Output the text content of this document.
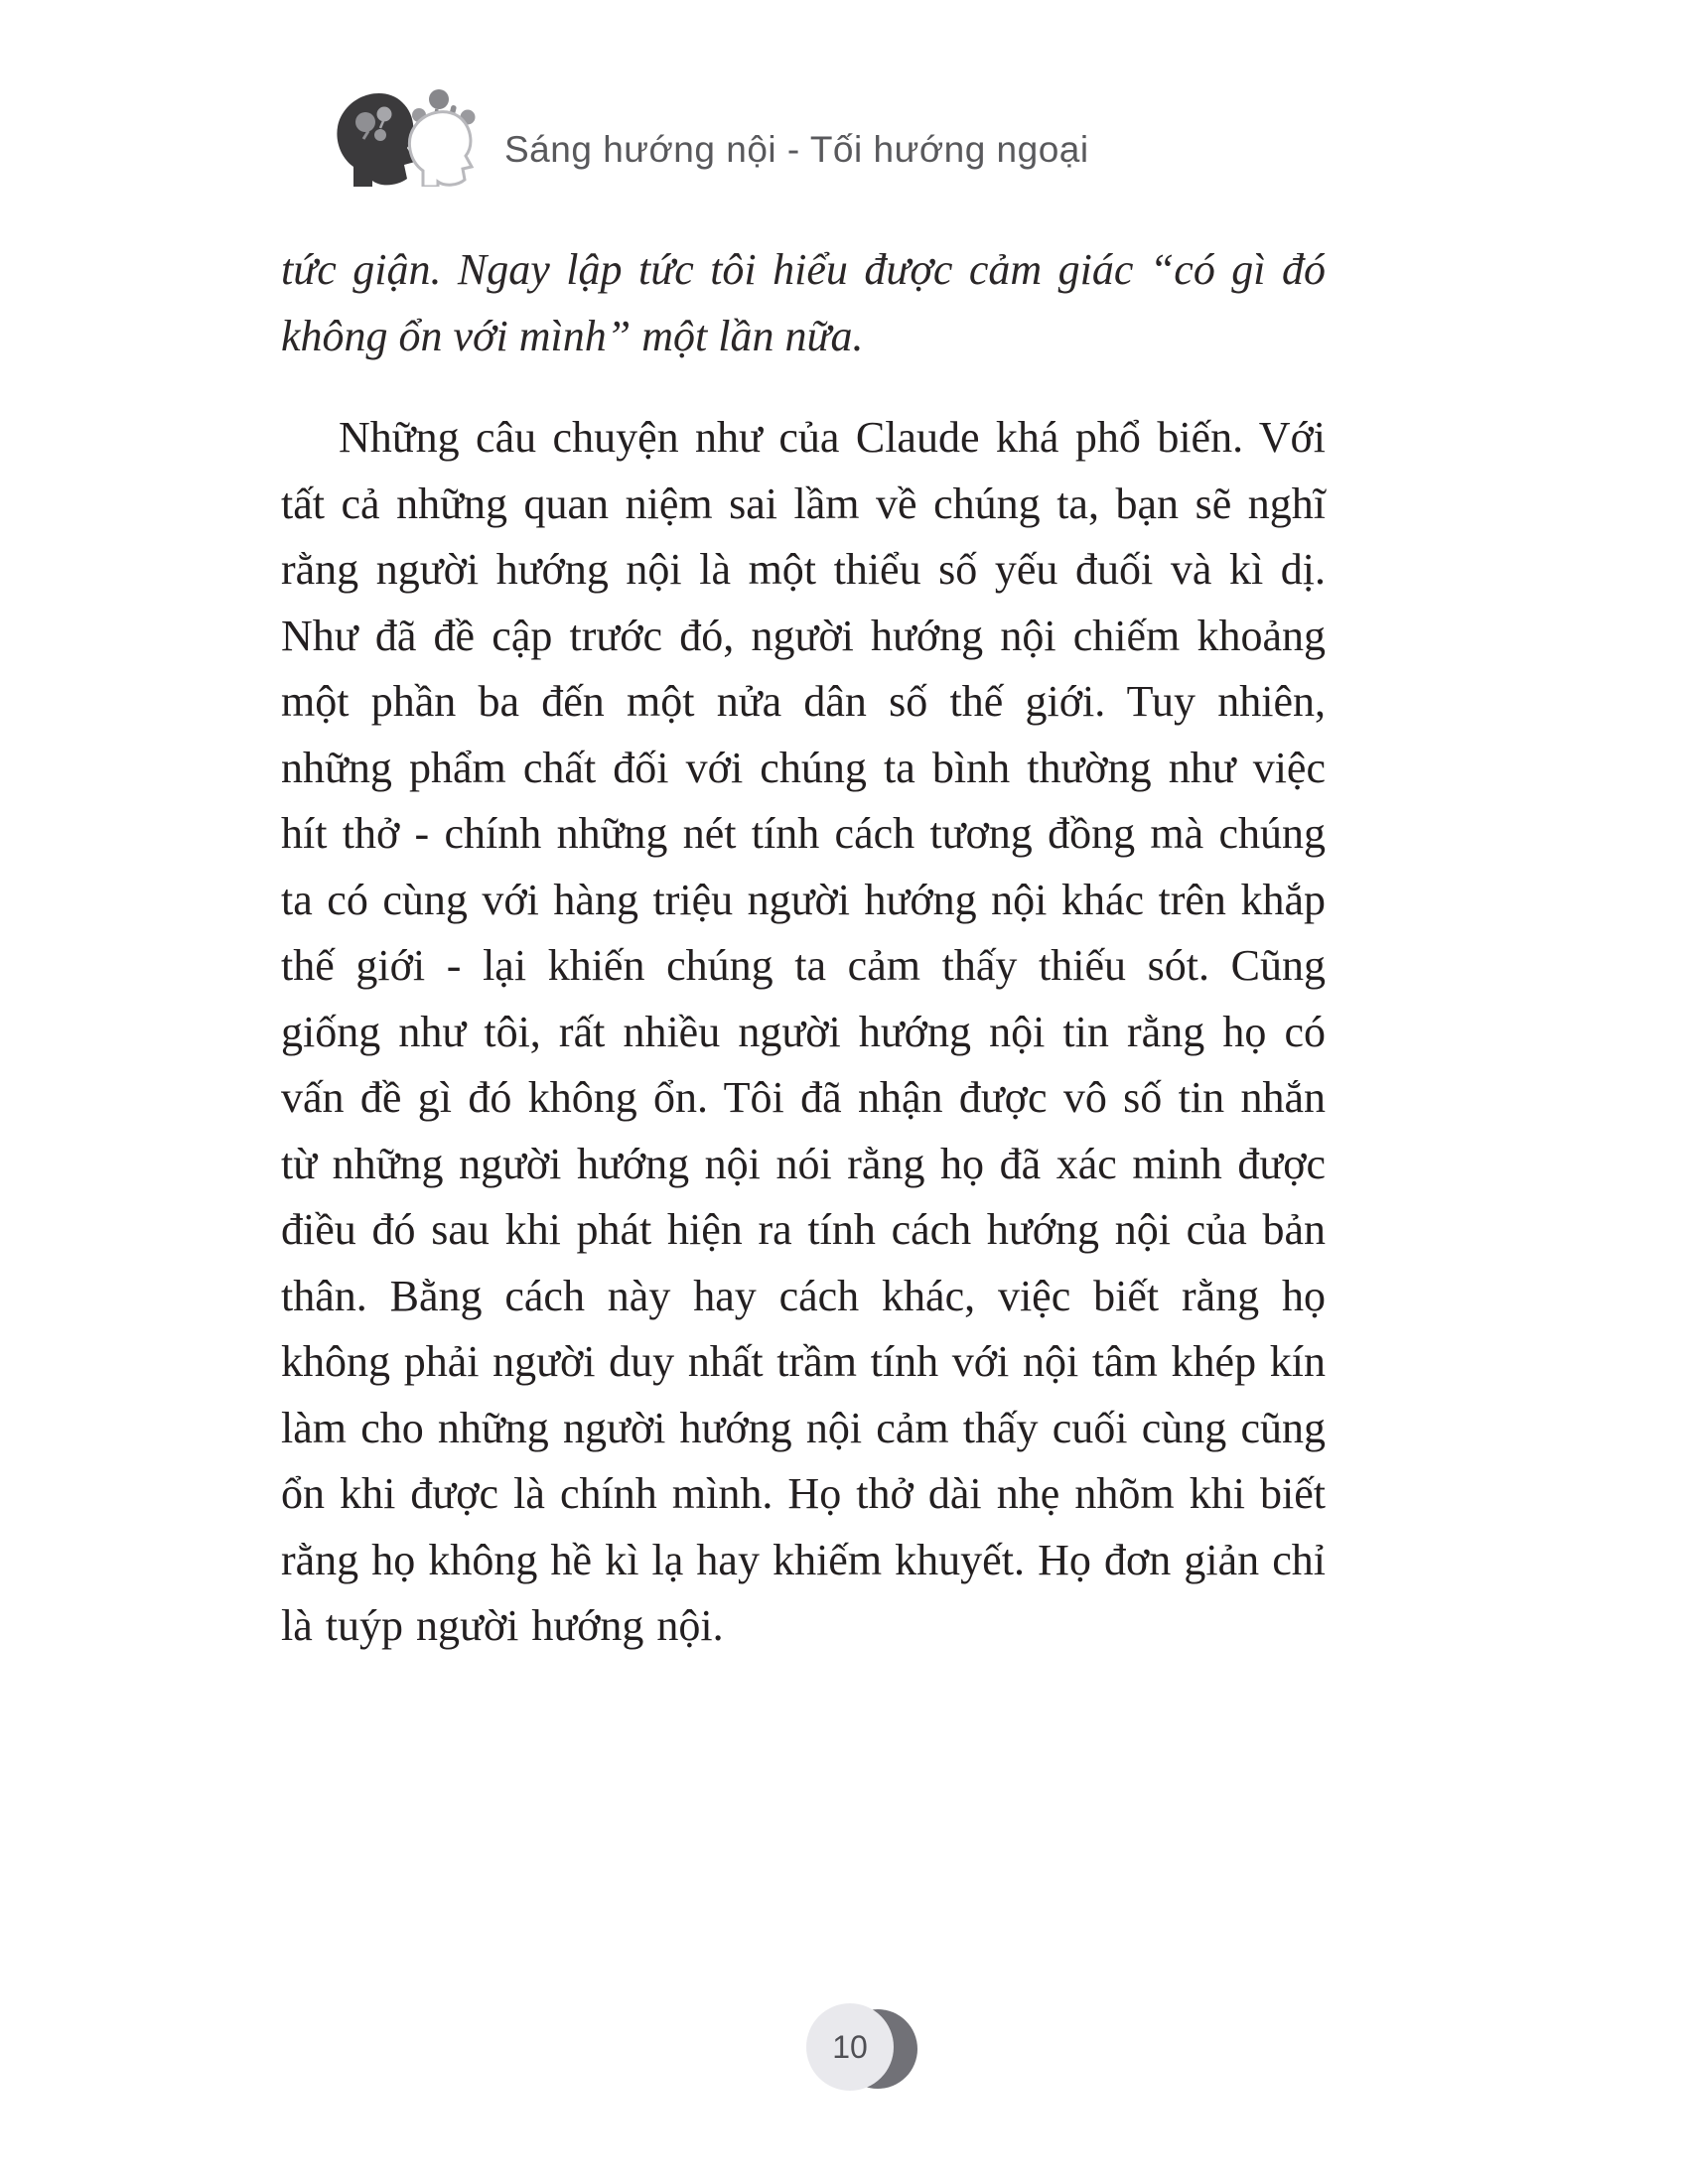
Sáng hướng nội - Tối hướng ngoại

tức giận. Ngay lập tức tôi hiểu được cảm giác “có gì đó không ổn với mình” một lần nữa.

Những câu chuyện như của Claude khá phổ biến. Với tất cả những quan niệm sai lầm về chúng ta, bạn sẽ nghĩ rằng người hướng nội là một thiểu số yếu đuối và kì dị. Như đã đề cập trước đó, người hướng nội chiếm khoảng một phần ba đến một nửa dân số thế giới. Tuy nhiên, những phẩm chất đối với chúng ta bình thường như việc hít thở - chính những nét tính cách tương đồng mà chúng ta có cùng với hàng triệu người hướng nội khác trên khắp thế giới - lại khiến chúng ta cảm thấy thiếu sót. Cũng giống như tôi, rất nhiều người hướng nội tin rằng họ có vấn đề gì đó không ổn. Tôi đã nhận được vô số tin nhắn từ những người hướng nội nói rằng họ đã xác minh được điều đó sau khi phát hiện ra tính cách hướng nội của bản thân. Bằng cách này hay cách khác, việc biết rằng họ không phải người duy nhất trầm tính với nội tâm khép kín làm cho những người hướng nội cảm thấy cuối cùng cũng ổn khi được là chính mình. Họ thở dài nhẹ nhõm khi biết rằng họ không hề kì lạ hay khiếm khuyết. Họ đơn giản chỉ là tuýp người hướng nội.

10
